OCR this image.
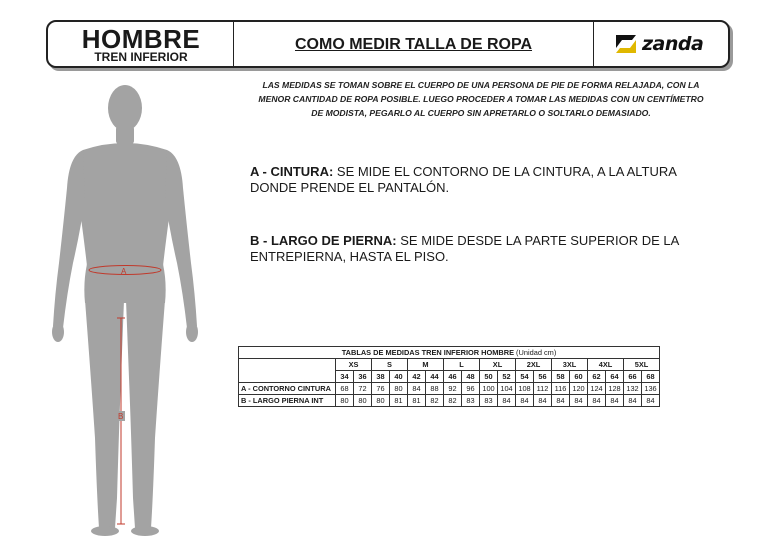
HOMBRE
TREN INFERIOR
COMO MEDIR TALLA DE ROPA	zanda
LAS MEDIDAS SE TOMAN SOBRE EL CUERPO DE UNA PERSONA DE PIE DE FORMA RELAJADA, CON LA
MENOR CANTIDAD DE ROPA POSIBLE. LUEGO PROCEDER A TOMAR LAS MEDIDAS CON UN CENTÍMETRO
DE MODISTA, PEGARLO AL CUERPO SIN APRETARLO O SOLTARLO DEMASIADO.
A
B
A - CINTURA: SE MIDE EL CONTORNO DE LA CINTURA, A LA ALTURA DONDE PRENDE EL PANTALÓN.
B - LARGO DE PIERNA: SE MIDE DESDE LA PARTE SUPERIOR DE LA ENTREPIERNA, HASTA EL PISO.
TABLAS DE MEDIDAS TREN INFERIOR HOMBRE (Unidad cm)																		
	XS		S		M		L		XL		2XL		3XL		4XL		5XL	
	34	36	38	40	42	44	46	48	50	52	54	56	58	60	62	64	66	68
A - CONTORNO CINTURA	68	72	76	80	84	88	92	96	100	104	108	112	116	120	124	128	132	136
B - LARGO PIERNA INT	80	80	80	81	81	82	82	83	83	84	84	84	84	84	84	84	84	84
